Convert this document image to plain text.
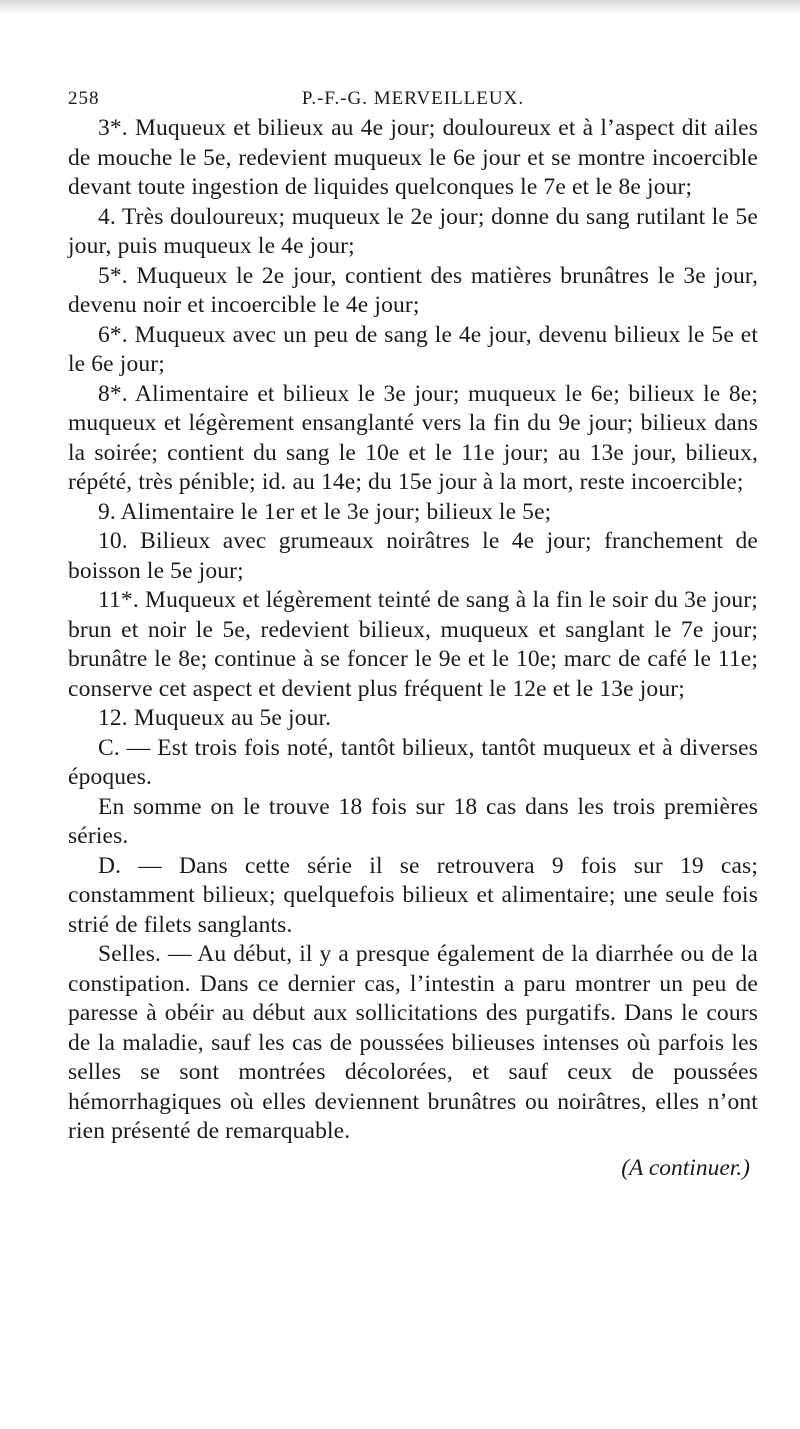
P.-F.-G. MERVEILLEUX.
258

3*. Muqueux et bilieux au 4e jour; douloureux et à l’aspect dit ailes de mouche le 5e, redevient muqueux le 6e jour et se montre incoercible devant toute ingestion de liquides quelconques le 7e et le 8e jour;

4. Très douloureux; muqueux le 2e jour; donne du sang rutilant le 5e jour, puis muqueux le 4e jour;

5*. Muqueux le 2e jour, contient des matières brunâtres le 3e jour, devenu noir et incoercible le 4e jour;

6*. Muqueux avec un peu de sang le 4e jour, devenu bilieux le 5e et le 6e jour;

8*. Alimentaire et bilieux le 3e jour; muqueux le 6e; bilieux le 8e; muqueux et légèrement ensanglanté vers la fin du 9e jour; bilieux dans la soirée; contient du sang le 10e et le 11e jour; au 13e jour, bilieux, répété, très pénible; id. au 14e; du 15e jour à la mort, reste incoercible;

9. Alimentaire le 1er et le 3e jour; bilieux le 5e;

10. Bilieux avec grumeaux noirâtres le 4e jour; franchement de boisson le 5e jour;

11*. Muqueux et légèrement teinté de sang à la fin le soir du 3e jour; brun et noir le 5e, redevient bilieux, muqueux et sanglant le 7e jour; brunâtre le 8e; continue à se foncer le 9e et le 10e; marc de café le 11e; conserve cet aspect et devient plus fréquent le 12e et le 13e jour;

12. Muqueux au 5e jour.

C. — Est trois fois noté, tantôt bilieux, tantôt muqueux et à diverses époques.

En somme on le trouve 18 fois sur 18 cas dans les trois premières séries.

D. — Dans cette série il se retrouvera 9 fois sur 19 cas; constamment bilieux; quelquefois bilieux et alimentaire; une seule fois strié de filets sanglants.

Selles. — Au début, il y a presque également de la diarrhée ou de la constipation. Dans ce dernier cas, l’intestin a paru montrer un peu de paresse à obéir au début aux sollicitations des purgatifs. Dans le cours de la maladie, sauf les cas de poussées bilieuses intenses où parfois les selles se sont montrées décolorées, et sauf ceux de poussées hémorrhagiques où elles deviennent brunâtres ou noirâtres, elles n’ont rien présenté de remarquable.

(A continuer.)
